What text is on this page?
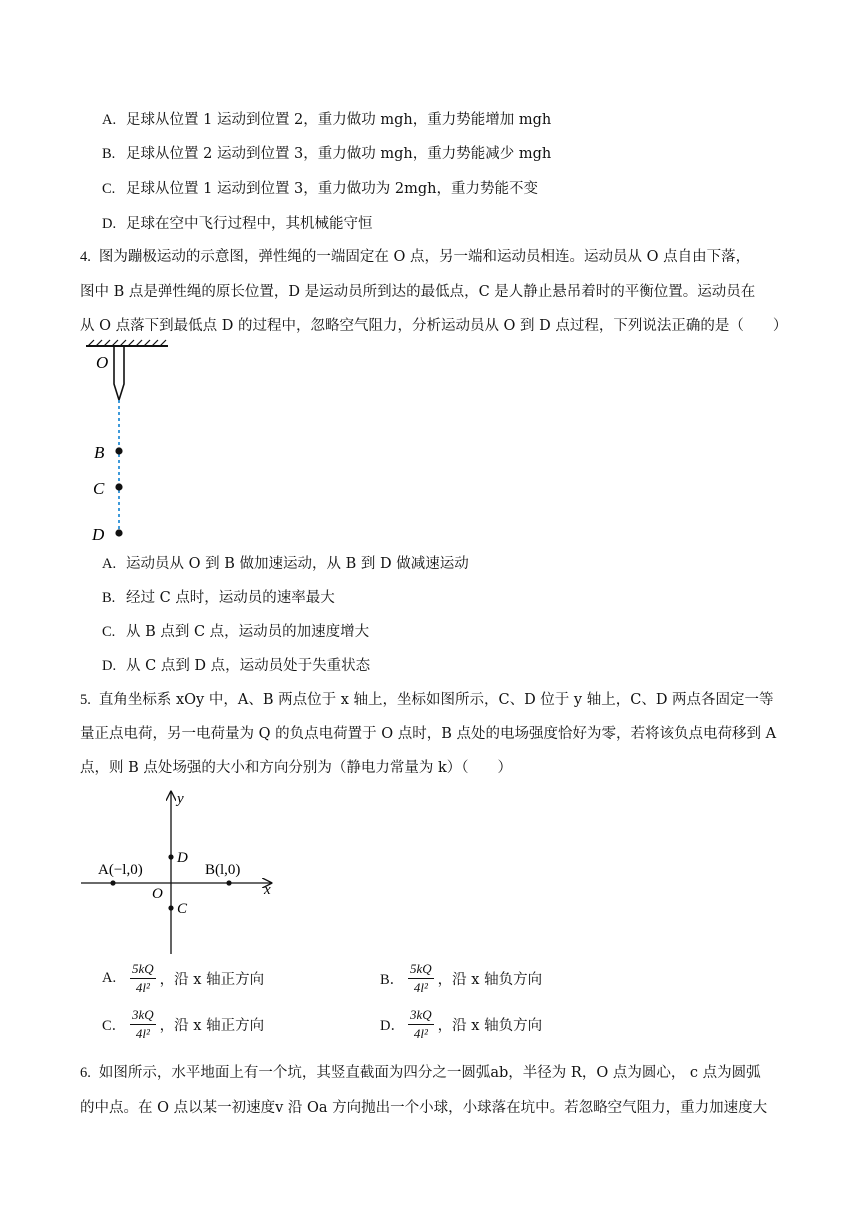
A. 足球从位置 1 运动到位置 2，重力做功 mgh，重力势能增加 mgh
B. 足球从位置 2 运动到位置 3，重力做功 mgh，重力势能减少 mgh
C. 足球从位置 1 运动到位置 3，重力做功为 2mgh，重力势能不变
D. 足球在空中飞行过程中，其机械能守恒
4. 图为蹦极运动的示意图，弹性绳的一端固定在 O 点，另一端和运动员相连。运动员从 O 点自由下落，
图中 B 点是弹性绳的原长位置，D 是运动员所到达的最低点，C 是人静止悬吊着时的平衡位置。运动员在
从 O 点落下到最低点 D 的过程中，忽略空气阻力，分析运动员从 O 到 D 点过程，下列说法正确的是（　　）
O
B
C
D
A. 运动员从 O 到 B 做加速运动，从 B 到 D 做减速运动
B. 经过 C 点时，运动员的速率最大
C. 从 B 点到 C 点，运动员的加速度增大
D. 从 C 点到 D 点，运动员处于失重状态
5. 直角坐标系 xOy 中，A、B 两点位于 x 轴上，坐标如图所示，C、D 位于 y 轴上，C、D 两点各固定一等
量正点电荷，另一电荷量为 Q 的负点电荷置于 O 点时，B 点处的电场强度恰好为零，若将该负点电荷移到 A
点，则 B 点处场强的大小和方向分别为（静电力常量为 k）（　　）
y
x
O
D
C
A(−l,0)	B(l,0)
A.	$\frac{5kQ}{\text{4l²}}$ ，沿 x 轴正方向	B． $\frac{5kQ}{\text{4l²}}$ ，沿 x 轴负方向
C． $\frac{3kQ}{\text{4l²}}$ ，沿 x 轴正方向	D． $\frac{3kQ}{\text{4l²}}$ ，沿 x 轴负方向
6. 如图所示，水平地面上有一个坑，其竖直截面为四分之一圆弧ab，半径为 R，O 点为圆心， c 点为圆弧
的中点。在 O 点以某一初速度v 沿 Oa 方向抛出一个小球，小球落在坑中。若忽略空气阻力，重力加速度大
